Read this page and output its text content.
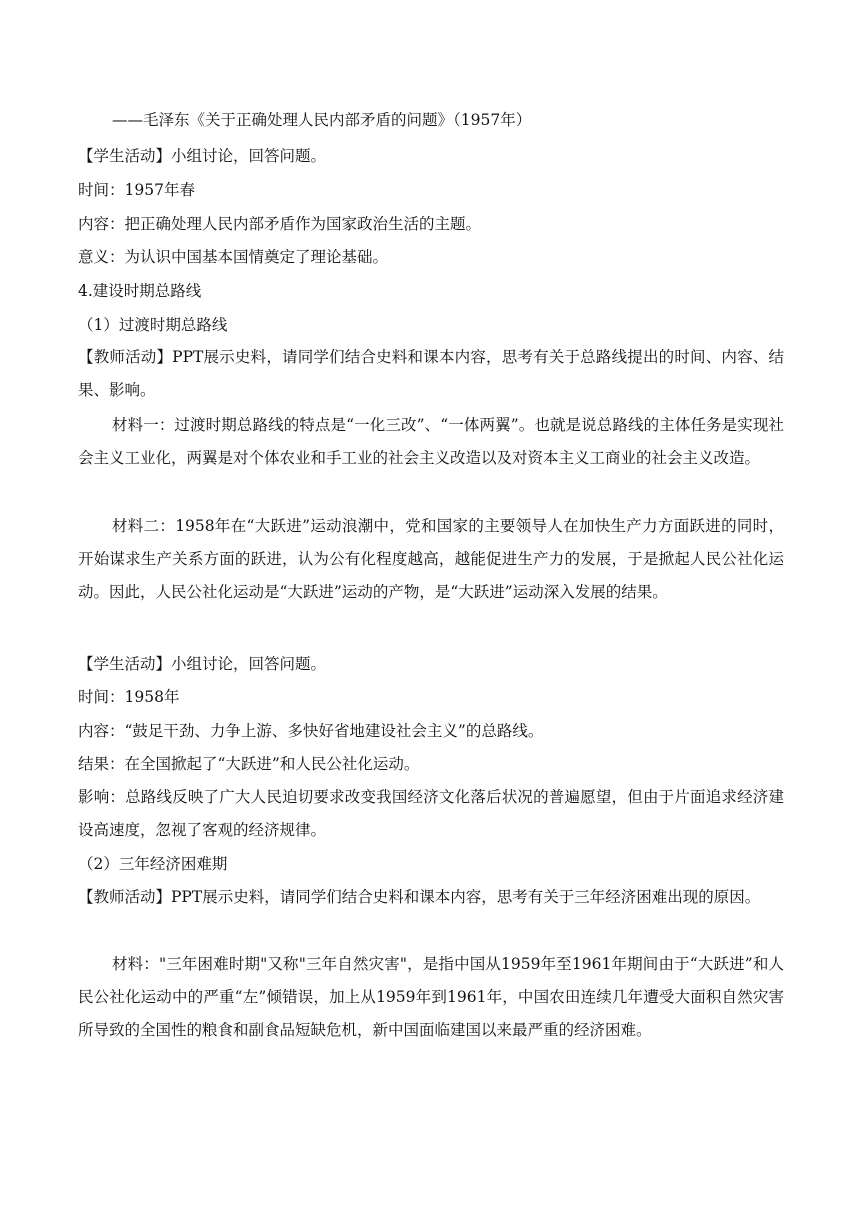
——毛泽东《关于正确处理人民内部矛盾的问题》（1957年）
【学生活动】小组讨论，回答问题。
时间：1957年春
内容：把正确处理人民内部矛盾作为国家政治生活的主题。
意义：为认识中国基本国情奠定了理论基础。
4.建设时期总路线
（1）过渡时期总路线
【教师活动】PPT展示史料，请同学们结合史料和课本内容，思考有关于总路线提出的时间、内容、结果、影响。
材料一：过渡时期总路线的特点是“一化三改”、“一体两翼”。也就是说总路线的主体任务是实现社会主义工业化，两翼是对个体农业和手工业的社会主义改造以及对资本主义工商业的社会主义改造。
材料二：1958年在“大跃进”运动浪潮中，党和国家的主要领导人在加快生产力方面跃进的同时，开始谋求生产关系方面的跃进，认为公有化程度越高，越能促进生产力的发展，于是掀起人民公社化运动。因此，人民公社化运动是“大跃进”运动的产物，是“大跃进”运动深入发展的结果。
【学生活动】小组讨论，回答问题。
时间：1958年
内容：“鼓足干劲、力争上游、多快好省地建设社会主义”的总路线。
结果：在全国掀起了“大跃进”和人民公社化运动。
影响：总路线反映了广大人民迫切要求改变我国经济文化落后状况的普遍愿望，但由于片面追求经济建设高速度，忽视了客观的经济规律。
（2）三年经济困难期
【教师活动】PPT展示史料，请同学们结合史料和课本内容，思考有关于三年经济困难出现的原因。
材料："三年困难时期"又称"三年自然灾害"，是指中国从1959年至1961年期间由于“大跃进”和人民公社化运动中的严重“左”倾错误，加上从1959年到1961年，中国农田连续几年遭受大面积自然灾害所导致的全国性的粮食和副食品短缺危机，新中国面临建国以来最严重的经济困难。
